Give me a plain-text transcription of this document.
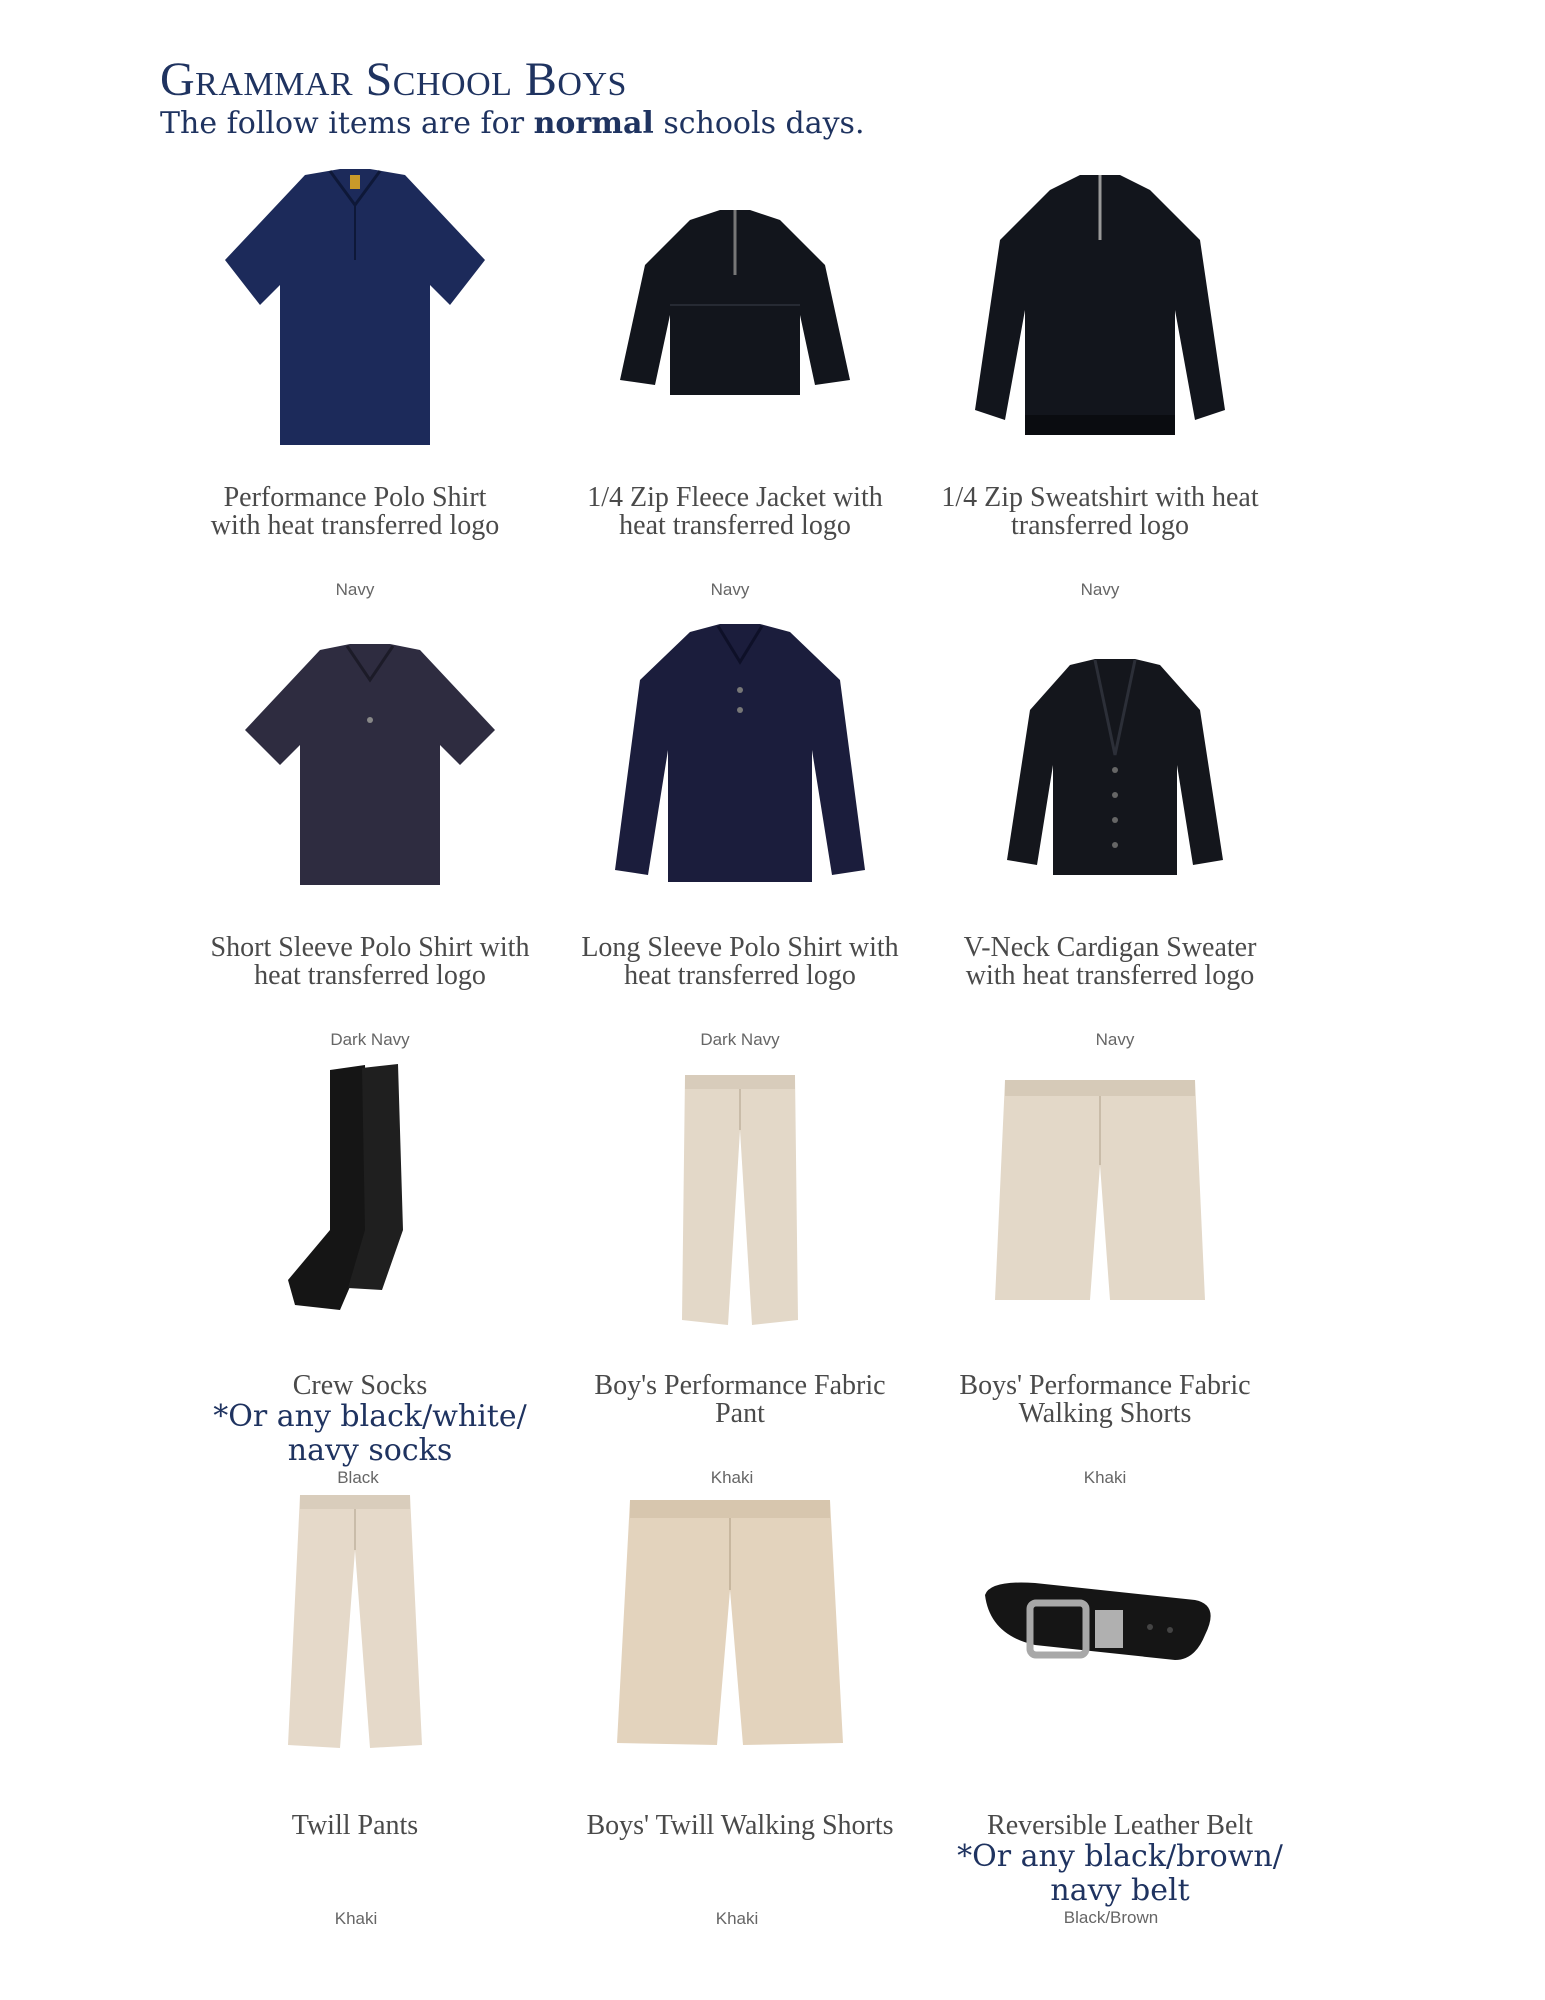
Grammar School Boys
The follow items are for normal schools days.
Performance Polo Shirt
with heat transferred logo
Navy
1/4 Zip Fleece Jacket with
heat transferred logo
Navy
1/4 Zip Sweatshirt with heat
transferred logo
Navy
Short Sleeve Polo Shirt with
heat transferred logo
Dark Navy
Long Sleeve Polo Shirt with
heat transferred logo
Dark Navy
V-Neck Cardigan Sweater
with heat transferred logo
Navy
Crew Socks
*Or any black/white/
navy socks
Black
Boy's Performance Fabric
Pant
Khaki
Boys' Performance Fabric
Walking Shorts
Khaki
Twill Pants
Khaki
Boys' Twill Walking Shorts
Khaki
Reversible Leather Belt
*Or any black/brown/
navy belt
Black/Brown
